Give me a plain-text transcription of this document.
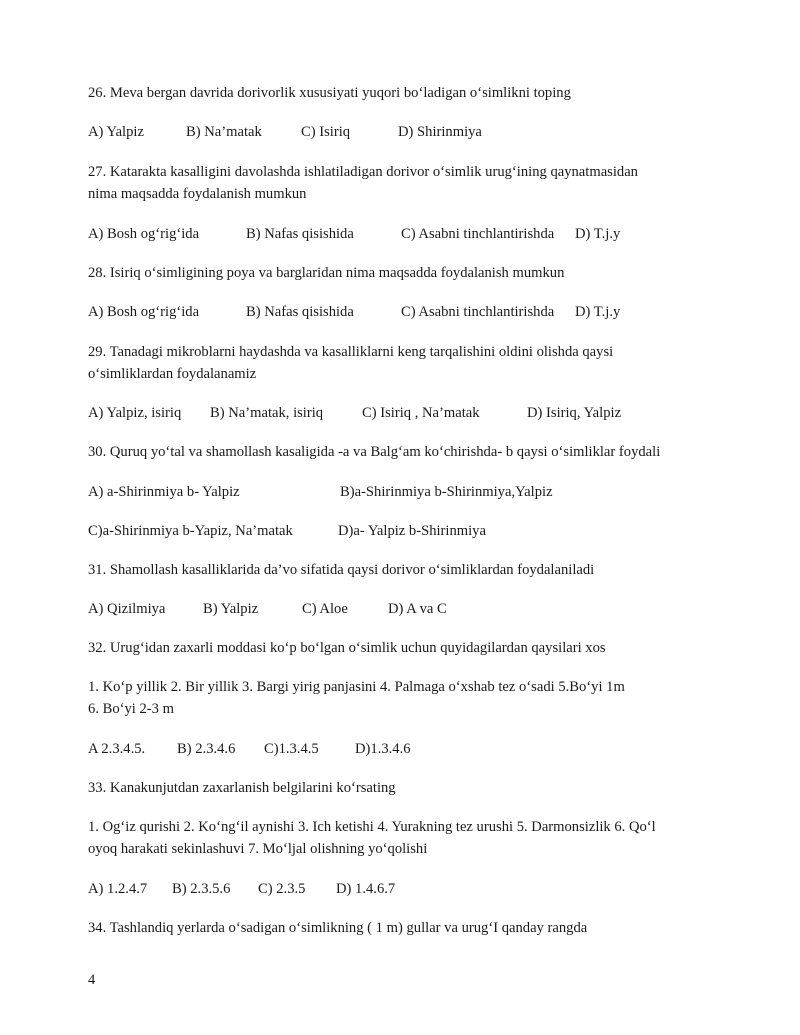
26. Meva bergan davrida dorivorlik xususiyati yuqori bo‘ladigan o‘simlikni toping
A) Yalpiz	B) Na’matak	C) Isiriq	D) Shirinmiya
27. Katarakta kasalligini davolashda ishlatiladigan dorivor o‘simlik urug‘ining qaynatmasidan
nima maqsadda foydalanish mumkun
A) Bosh og‘rig‘ida	B) Nafas qisishida	C) Asabni tinchlantirishda D) T.j.y
28. Isiriq o‘simligining poya va barglaridan nima maqsadda foydalanish mumkun
A) Bosh og‘rig‘ida	B) Nafas qisishida	C) Asabni tinchlantirishda D) T.j.y
29. Tanadagi mikroblarni haydashda va kasalliklarni keng tarqalishini oldini olishda qaysi
o‘simliklardan foydalanamiz
A) Yalpiz, isiriq B) Na’matak, isiriq	C) Isiriq , Na’matak	D) Isiriq, Yalpiz
30. Quruq yo‘tal va shamollash kasaligida -a va Balg‘am ko‘chirishda- b qaysi o‘simliklar foydali
A) a-Shirinmiya b- Yalpiz	B)a-Shirinmiya b-Shirinmiya,Yalpiz
C)a-Shirinmiya b-Yapiz, Na’matak	D)a- Yalpiz b-Shirinmiya
31. Shamollash kasalliklarida da’vo sifatida qaysi dorivor o‘simliklardan foydalaniladi
A) Qizilmiya	B) Yalpiz	C) Aloe	D) A va C
32. Urug‘idan zaxarli moddasi ko‘p bo‘lgan o‘simlik uchun quyidagilardan qaysilari xos
1. Ko‘p yillik 2. Bir yillik 3. Bargi yirig panjasini 4. Palmaga o‘xshab tez o‘sadi 5.Bo‘yi 1m
6. Bo‘yi 2-3 m
A 2.3.4.5. B) 2.3.4.6 C)1.3.4.5 D)1.3.4.6
33. Kanakunjutdan zaxarlanish belgilarini ko‘rsating
1. Og‘iz qurishi 2. Ko‘ng‘il aynishi 3. Ich ketishi 4. Yurakning tez urushi 5. Darmonsizlik 6. Qo‘l
oyoq harakati sekinlashuvi 7. Mo‘ljal olishning yo‘qolishi
A) 1.2.4.7 B) 2.3.5.6 C) 2.3.5 D) 1.4.6.7
34. Tashlandiq yerlarda o‘sadigan o‘simlikning ( 1 m) gullar va urug‘I qanday rangda
4
